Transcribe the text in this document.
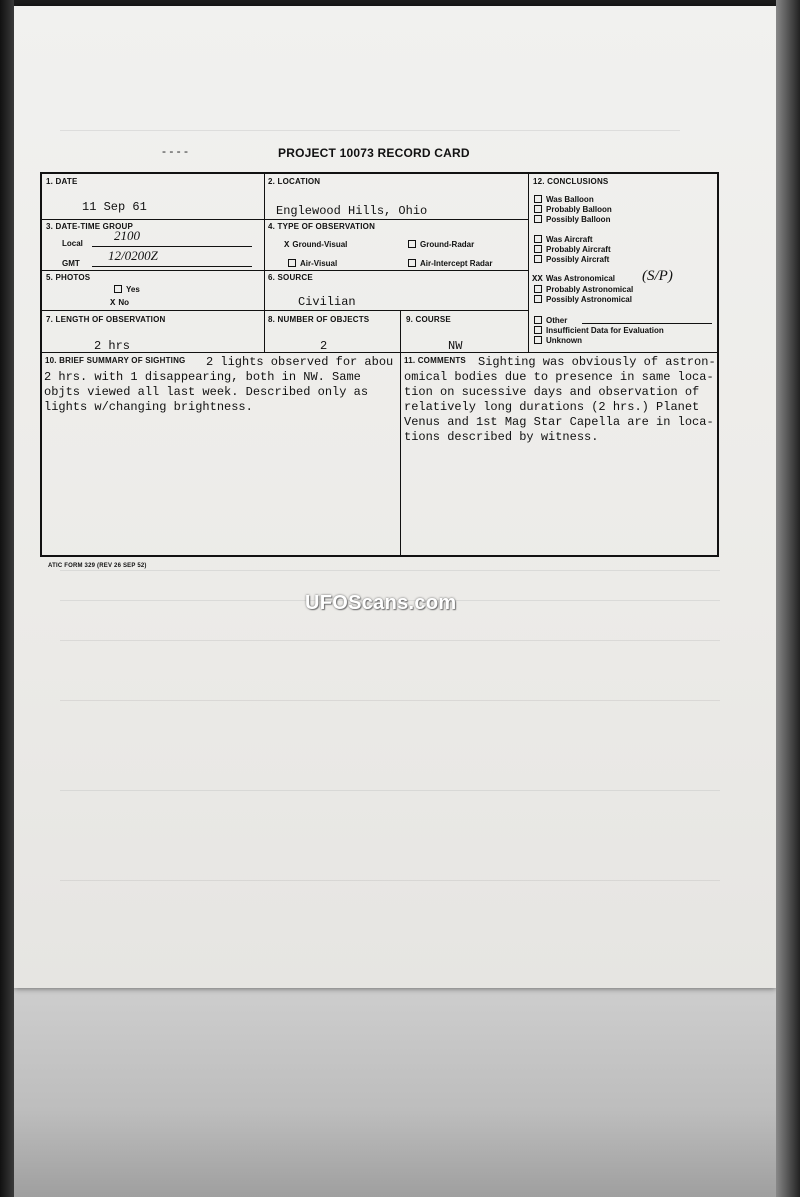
- - - -	PROJECT 10073 RECORD CARD
1. DATE
11 Sep 61
2. LOCATION
Englewood Hills, Ohio
3. DATE-TIME GROUP
Local
2100
GMT
12/0200Z
4. TYPE OF OBSERVATION
X Ground-Visual	Ground-Radar
Air-Visual	Air-Intercept Radar
5. PHOTOS
Yes
X No
6. SOURCE
Civilian
7. LENGTH OF OBSERVATION
2 hrs
8. NUMBER OF OBJECTS
2
9. COURSE
NW
10. BRIEF SUMMARY OF SIGHTING 2 lights observed for abou
2 hrs. with 1 disappearing, both in NW. Same
objts viewed all last week. Described only as
lights w/changing brightness.
11. COMMENTS Sighting was obviously of astron-
omical bodies due to presence in same loca-
tion on sucessive days and observation of
relatively long durations (2 hrs.) Planet
Venus and 1st Mag Star Capella are in loca-
tions described by witness.
12. CONCLUSIONS
Was Balloon
Probably Balloon
Possibly Balloon
Was Aircraft
Probably Aircraft
Possibly Aircraft
XX Was Astronomical (S/P)
Probably Astronomical
Possibly Astronomical
Other
Insufficient Data for Evaluation
Unknown
ATIC FORM 329 (REV 26 SEP 52)
UFOScans.com
